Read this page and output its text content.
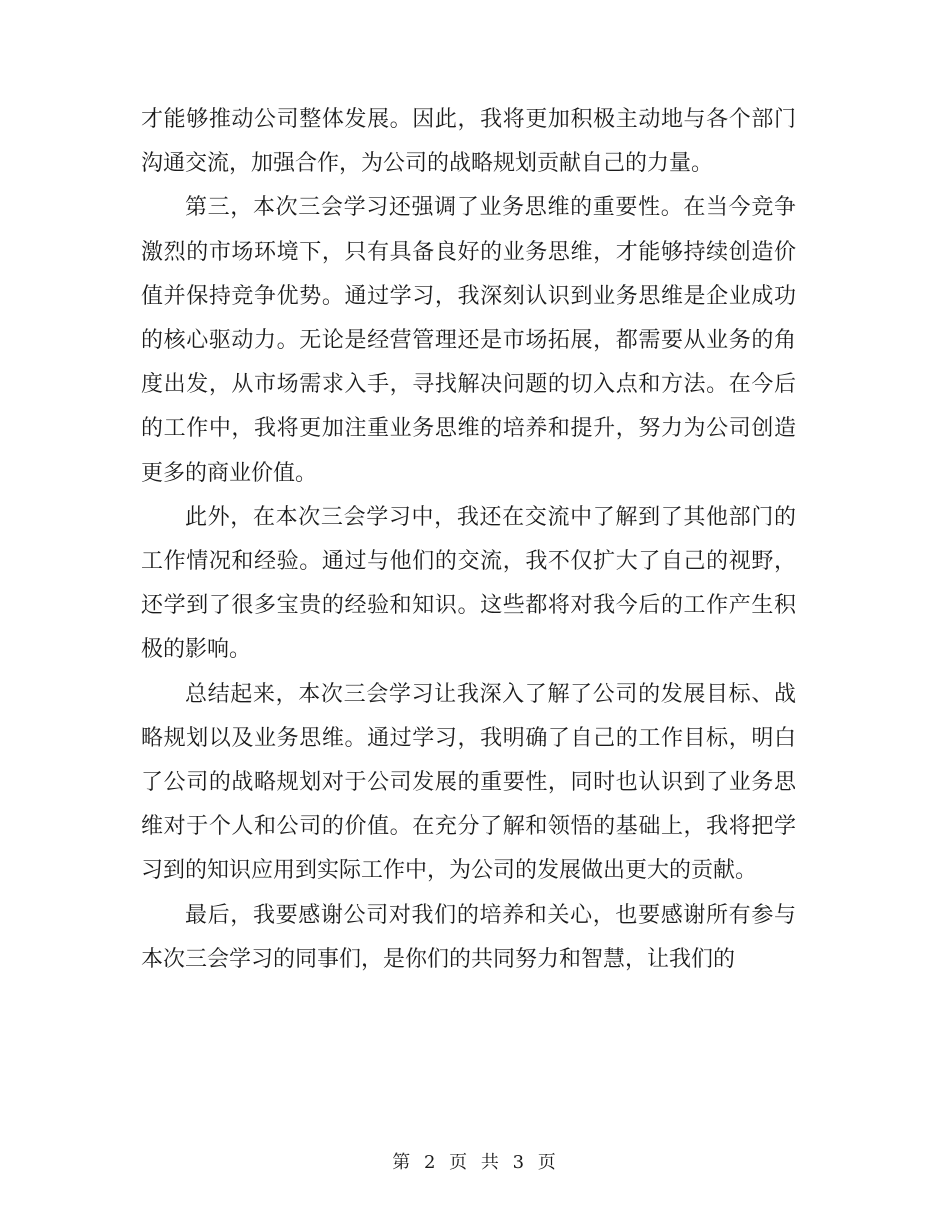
才能够推动公司整体发展。因此，我将更加积极主动地与各个部门沟通交流，加强合作，为公司的战略规划贡献自己的力量。

第三，本次三会学习还强调了业务思维的重要性。在当今竞争激烈的市场环境下，只有具备良好的业务思维，才能够持续创造价值并保持竞争优势。通过学习，我深刻认识到业务思维是企业成功的核心驱动力。无论是经营管理还是市场拓展，都需要从业务的角度出发，从市场需求入手，寻找解决问题的切入点和方法。在今后的工作中，我将更加注重业务思维的培养和提升，努力为公司创造更多的商业价值。

此外，在本次三会学习中，我还在交流中了解到了其他部门的工作情况和经验。通过与他们的交流，我不仅扩大了自己的视野，还学到了很多宝贵的经验和知识。这些都将对我今后的工作产生积极的影响。

总结起来，本次三会学习让我深入了解了公司的发展目标、战略规划以及业务思维。通过学习，我明确了自己的工作目标，明白了公司的战略规划对于公司发展的重要性，同时也认识到了业务思维对于个人和公司的价值。在充分了解和领悟的基础上，我将把学习到的知识应用到实际工作中，为公司的发展做出更大的贡献。

最后，我要感谢公司对我们的培养和关心，也要感谢所有参与本次三会学习的同事们，是你们的共同努力和智慧，让我们的

第 2 页 共 3 页
